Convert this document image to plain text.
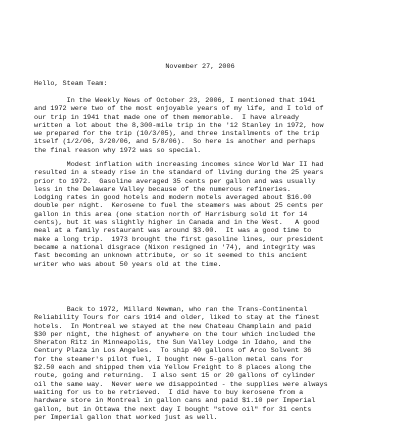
November 27, 2006
Hello, Steam Team:
In the Weekly News of October 23, 2006, I mentioned that 1941
and 1972 were two of the most enjoyable years of my life, and I told of
our trip in 1941 that made one of them memorable.  I have already
written a lot about the 8,300-mile trip in the '12 Stanley in 1972, how
we prepared for the trip (10/3/05), and three installments of the trip
itself (1/2/06, 3/20/06, and 5/8/06).  So here is another and perhaps
the final reason why 1972 was so special.
Modest inflation with increasing incomes since World War II had
resulted in a steady rise in the standard of living during the 25 years
prior to 1972.  Gasoline averaged 35 cents per gallon and was usually
less in the Delaware Valley because of the numerous refineries.
Lodging rates in good hotels and modern motels averaged about $16.00
double per night.  Kerosene to fuel the steamers was about 25 cents per
gallon in this area (one station north of Harrisburg sold it for 14
cents), but it was slightly higher in Canada and in the West.   A good
meal at a family restaurant was around $3.00.  It was a good time to
make a long trip.  1973 brought the first gasoline lines, our president
became a national disgrace (Nixon resigned in '74), and integrity was
fast becoming an unknown attribute, or so it seemed to this ancient
writer who was about 50 years old at the time.
Back to 1972, Millard Newman, who ran the Trans-Continental
Reliability Tours for cars 1914 and older, liked to stay at the finest
hotels.  In Montreal we stayed at the new Chateau Champlain and paid
$30 per night, the highest of anywhere on the tour which included the
Sheraton Ritz in Minneapolis, the Sun Valley Lodge in Idaho, and the
Century Plaza in Los Angeles.  To ship 40 gallons of Arco Solvent 36
for the steamer's pilot fuel, I bought new 5-gallon metal cans for
$2.50 each and shipped them via Yellow Freight to 8 places along the
route, going and returning.  I also sent 15 or 20 gallons of cylinder
oil the same way.  Never were we disappointed - the supplies were always
waiting for us to be retrieved.  I did have to buy kerosene from a
hardware store in Montreal in gallon cans and paid $1.10 per Imperial
gallon, but in Ottawa the next day I bought "stove oil" for 31 cents
per Imperial gallon that worked just as well.
